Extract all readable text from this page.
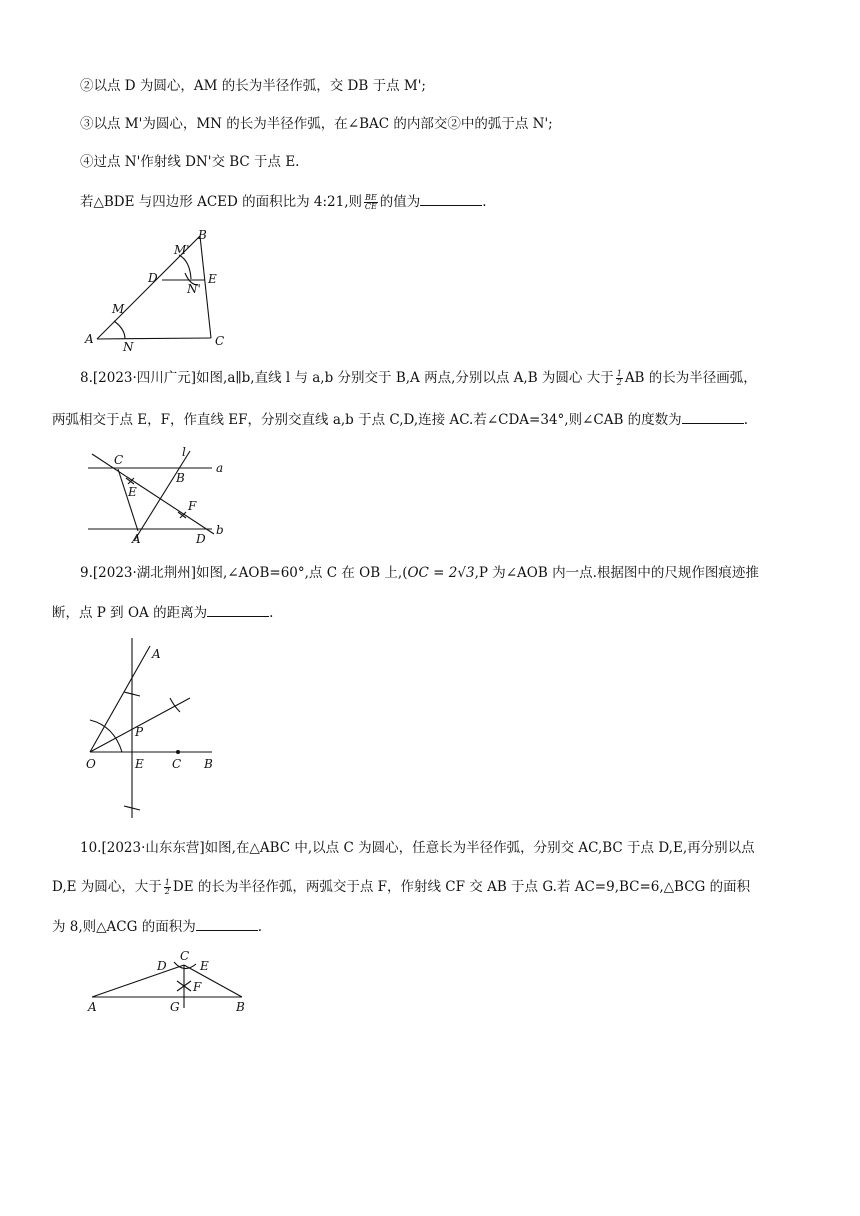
②以点 D 为圆心，AM 的长为半径作弧，交 DB 于点 M';
③以点 M'为圆心，MN 的长为半径作弧，在∠BAC 的内部交②中的弧于点 N';
④过点 N'作射线 DN'交 BC 于点 E.
若△BDE 与四边形 ACED 的面积比为 4:21,则 $\frac{BE}{CE}$ 的值为	.
A
B
C
D	E
M
N
M'
N'
8.[2023·四川广元]如图,a∥b,直线 l 与 a,b 分别交于 B,A 两点,分别以点 A,B 为圆心 大于 $\frac{1}{2}$ AB 的长为半径画弧，
两弧相交于点 E，F，作直线 EF，分别交直线 a,b 于点 C,D,连接 AC.若∠CDA=34°,则∠CAB 的度数为	.
C
l
a
E
B
F
A	D
b
9.[2023·湖北荆州]如图,∠AOB=60°,点 C 在 OB 上,(OC = 2√3,P 为∠AOB 内一点.根据图中的尺规作图痕迹推
断，点 P 到 OA 的距离为	.
A
P
O	E C B
10.[2023·山东东营]如图,在△ABC 中,以点 C 为圆心，任意长为半径作弧，分别交 AC,BC 于点 D,E,再分别以点
D,E 为圆心，大于 $\frac{1}{2}$ DE 的长为半径作弧，两弧交于点 F，作射线 CF 交 AB 于点 G.若 AC=9,BC=6,△BCG 的面积
为 8,则△ACG 的面积为	.
D
C
E
F
A	G	B
